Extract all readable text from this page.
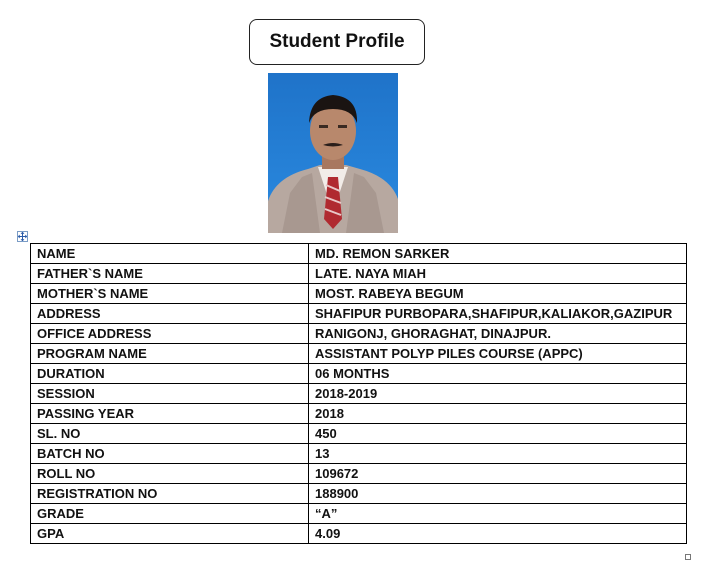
Student Profile
NAME	MD. REMON SARKER
FATHER`S NAME	LATE. NAYA MIAH
MOTHER`S NAME	MOST. RABEYA BEGUM
ADDRESS	SHAFIPUR PURBOPARA,SHAFIPUR,KALIAKOR,GAZIPUR
OFFICE ADDRESS	RANIGONJ, GHORAGHAT, DINAJPUR.
PROGRAM NAME	ASSISTANT POLYP PILES COURSE (APPC)
DURATION	06 MONTHS
SESSION	2018-2019
PASSING YEAR	2018
SL. NO	450
BATCH NO	13
ROLL NO	109672
REGISTRATION NO	188900
GRADE	“A”
GPA	4.09
